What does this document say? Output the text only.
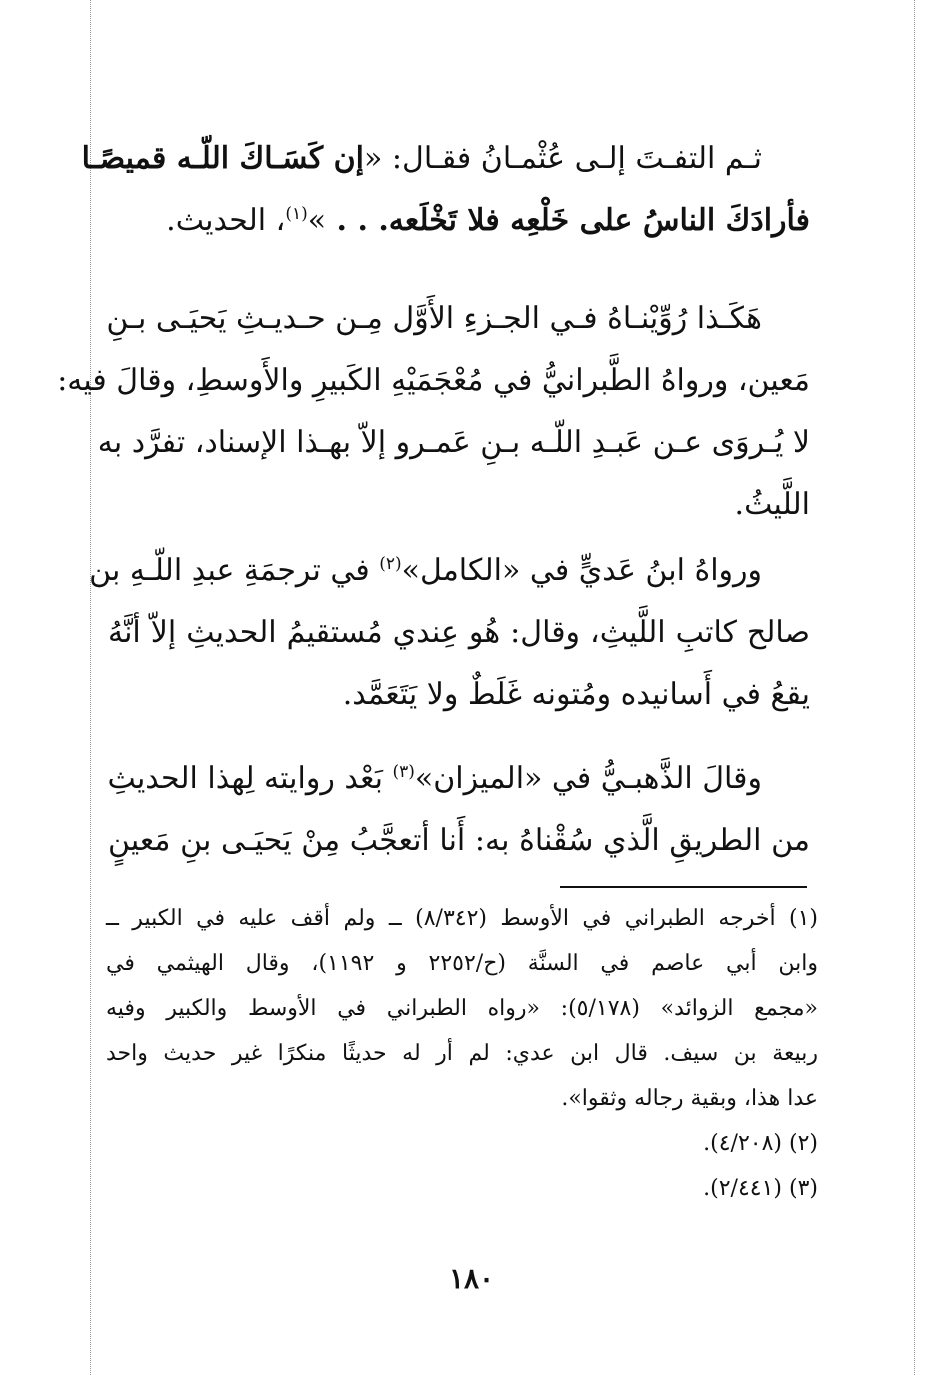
ثـم التفـتَ إلـى عُثْمـانُ فقـال: «إن كَسَـاكَ اللّـه قميصًـا
فأرادَكَ الناسُ على خَلْعِه فلا تَخْلَعه. . . »$^{(١)}$، الحديث.
هَكَـذا رُوِّيْنـاهُ فـي الجـزءِ الأَوَّل مِـن حـديـثِ يَحيَـى بـنِ
مَعين، ورواهُ الطَّبرانيُّ في مُعْجَمَيْهِ الكَبيرِ والأَوسطِ، وقالَ فيه:
لا يُـروَى عـن عَبـدِ اللّـه بـنِ عَمـرو إلاّ بهـذا الإسناد، تفرَّد به
اللَّيثُ.
ورواهُ ابنُ عَديٍّ في «الكامل»$^{(٢)}$ في ترجمَةِ عبدِ اللّـهِ بن
صالح كاتبِ اللَّيثِ، وقال: هُو عِندي مُستقيمُ الحديثِ إلاّ أنَّهُ
يقعُ في أَسانيده ومُتونه غَلَطٌ ولا يَتَعَمَّد.
وقالَ الذَّهبـيُّ في «الميزان»$^{(٣)}$ بَعْد روايته لِهذا الحديثِ
من الطريقِ الَّذي سُقْناهُ به: أَنا أتعجَّبُ مِنْ يَحيَـى بنِ مَعينٍ
(١) أخرجه الطبراني في الأوسط (٨/٣٤٢) ــ ولم أقف عليه في الكبير ــ
وابن أبي عاصم في السنَّة (ح/٢٢٥٢ و ١١٩٢)، وقال الهيثمي في
«مجمع الزوائد» (٥/١٧٨): «رواه الطبراني في الأوسط والكبير وفيه
ربيعة بن سيف. قال ابن عدي: لم أر له حديثًا منكرًا غير حديث واحد
عدا هذا، وبقية رجاله وثقوا».
(٢) (٤/٢٠٨).
(٣) (٢/٤٤١).
١٨٠
